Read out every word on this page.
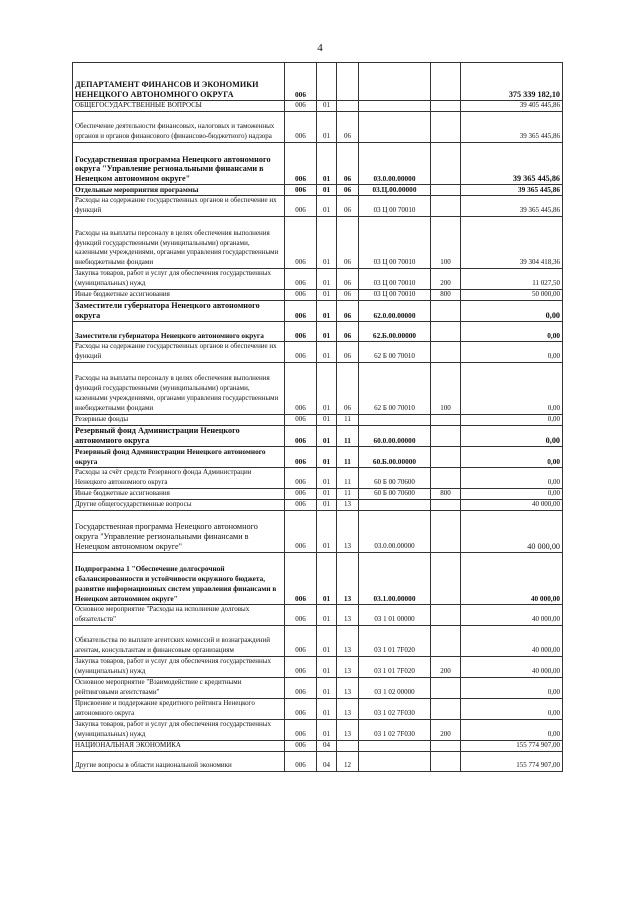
4
ДЕПАРТАМЕНТ ФИНАНСОВ И ЭКОНОМИКИ НЕНЕЦКОГО АВТОНОМНОГО ОКРУГА	006					375 339 182,10
ОБЩЕГОСУДАРСТВЕННЫЕ ВОПРОСЫ	006	01				39 405 445,86
Обеспечение деятельности финансовых, налоговых и таможенных органов и органов финансового (финансово-бюджетного) надзора	006	01	06			39 365 445,86
Государственная программа Ненецкого автономного округа "Управление региональными финансами в Ненецком автономном округе"	006	01	06	03.0.00.00000		39 365 445,86
Отдельные мероприятия программы	006	01	06	03.Ц.00.00000		39 365 445,86
Расходы на содержание государственных органов и обеспечение их функций	006	01	06	03 Ц 00 70010		39 365 445,86
Расходы на выплаты персоналу в целях обеспечения выполнения функций государственными (муниципальными) органами, казенными учреждениями, органами управления государственными внебюджетными фондами	006	01	06	03 Ц 00 70010	100	39 304 418,36
Закупка товаров, работ и услуг для обеспечения государственных (муниципальных) нужд	006	01	06	03 Ц 00 70010	200	11 027,50
Иные бюджетные ассигнования	006	01	06	03 Ц 00 70010	800	50 000,00
Заместители губернатора Ненецкого автономного округа	006	01	06	62.0.00.00000		0,00
Заместители губернатора Ненецкого автономного округа	006	01	06	62.Б.00.00000		0,00
Расходы на содержание государственных органов и обеспечение их функций	006	01	06	62 Б 00 70010		0,00
Расходы на выплаты персоналу в целях обеспечения выполнения функций государственными (муниципальными) органами, казенными учреждениями, органами управления государственными внебюджетными фондами	006	01	06	62 Б 00 70010	100	0,00
Резервные фонды	006	01	11			0,00
Резервный фонд Администрации Ненецкого автономного округа	006	01	11	60.0.00.00000		0,00
Резервный фонд Администрации Ненецкого автономного округа	006	01	11	60.Б.00.00000		0,00
Расходы за счёт средств Резервного фонда Администрации Ненецкого автономного округа	006	01	11	60 Б 00 70600		0,00
Иные бюджетные ассигнования	006	01	11	60 Б 00 70600	800	0,00
Другие общегосударственные вопросы	006	01	13			40 000,00
Государственная программа Ненецкого автономного округа "Управление региональными финансами в Ненецком автономном округе"	006	01	13	03.0.00.00000		40 000,00
Подпрограмма 1 "Обеспечение долгосрочной сбалансированности и устойчивости окружного бюджета, развитие информационных систем управления финансами в Ненецком автономном округе"	006	01	13	03.1.00.00000		40 000,00
Основное мероприятие "Расходы на исполнение долговых обязательств"	006	01	13	03 1 01 00000		40 000,00
Обязательства по выплате агентских комиссий и вознаграждений агентам, консультантам и финансовым организациям	006	01	13	03 1 01 7F020		40 000,00
Закупка товаров, работ и услуг для обеспечения государственных (муниципальных) нужд	006	01	13	03 1 01 7F020	200	40 000,00
Основное мероприятие "Взаимодействие с кредитными рейтинговыми агентствами"	006	01	13	03 1 02 00000		0,00
Присвоение и поддержание кредитного рейтинга Ненецкого автономного округа	006	01	13	03 1 02 7F030		0,00
Закупка товаров, работ и услуг для обеспечения государственных (муниципальных) нужд	006	01	13	03 1 02 7F030	200	0,00
НАЦИОНАЛЬНАЯ ЭКОНОМИКА	006	04				155 774 907,00
Другие вопросы в области национальной экономики	006	04	12			155 774 907,00
